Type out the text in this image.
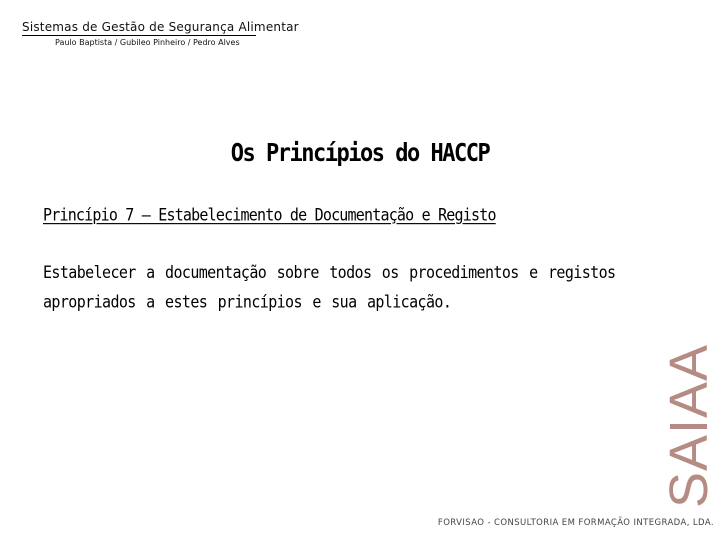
Sistemas de Gestão de Segurança Alimentar
Paulo Baptista / Gubileo Pinheiro / Pedro Alves
Os Princípios do HACCP
Princípio 7 – Estabelecimento de Documentação e Registo
Estabelecer a documentação sobre todos os procedimentos e registos apropriados a estes princípios e sua aplicação.
SAIAA
FORVISAO - CONSULTORIA EM FORMAÇÃO INTEGRADA, LDA.
